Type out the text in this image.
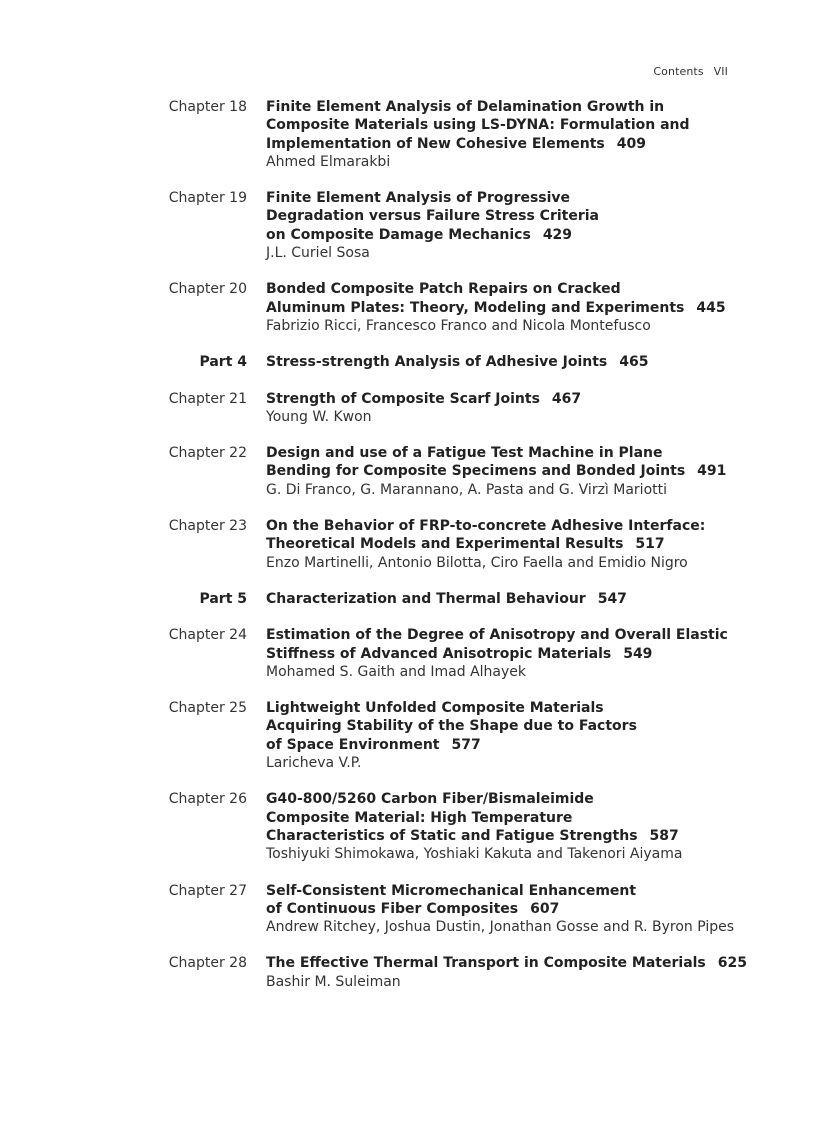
Contents VII
Chapter 18 Finite Element Analysis of Delamination Growth in
Composite Materials using LS-DYNA: Formulation and
Implementation of New Cohesive Elements 409
Ahmed Elmarakbi
Chapter 19 Finite Element Analysis of Progressive
Degradation versus Failure Stress Criteria
on Composite Damage Mechanics 429
J.L. Curiel Sosa
Chapter 20 Bonded Composite Patch Repairs on Cracked
Aluminum Plates: Theory, Modeling and Experiments 445
Fabrizio Ricci, Francesco Franco and Nicola Montefusco
Part 4 Stress-strength Analysis of Adhesive Joints 465
Chapter 21 Strength of Composite Scarf Joints 467
Young W. Kwon
Chapter 22 Design and use of a Fatigue Test Machine in Plane
Bending for Composite Specimens and Bonded Joints 491
G. Di Franco, G. Marannano, A. Pasta and G. Virzì Mariotti
Chapter 23 On the Behavior of FRP-to-concrete Adhesive Interface:
Theoretical Models and Experimental Results 517
Enzo Martinelli, Antonio Bilotta, Ciro Faella and Emidio Nigro
Part 5 Characterization and Thermal Behaviour 547
Chapter 24 Estimation of the Degree of Anisotropy and Overall Elastic
Stiffness of Advanced Anisotropic Materials 549
Mohamed S. Gaith and Imad Alhayek
Chapter 25 Lightweight Unfolded Composite Materials
Acquiring Stability of the Shape due to Factors
of Space Environment 577
Laricheva V.P.
Chapter 26 G40-800/5260 Carbon Fiber/Bismaleimide
Composite Material: High Temperature
Characteristics of Static and Fatigue Strengths 587
Toshiyuki Shimokawa, Yoshiaki Kakuta and Takenori Aiyama
Chapter 27 Self-Consistent Micromechanical Enhancement
of Continuous Fiber Composites 607
Andrew Ritchey, Joshua Dustin, Jonathan Gosse and R. Byron Pipes
Chapter 28 The Effective Thermal Transport in Composite Materials 625
Bashir M. Suleiman
